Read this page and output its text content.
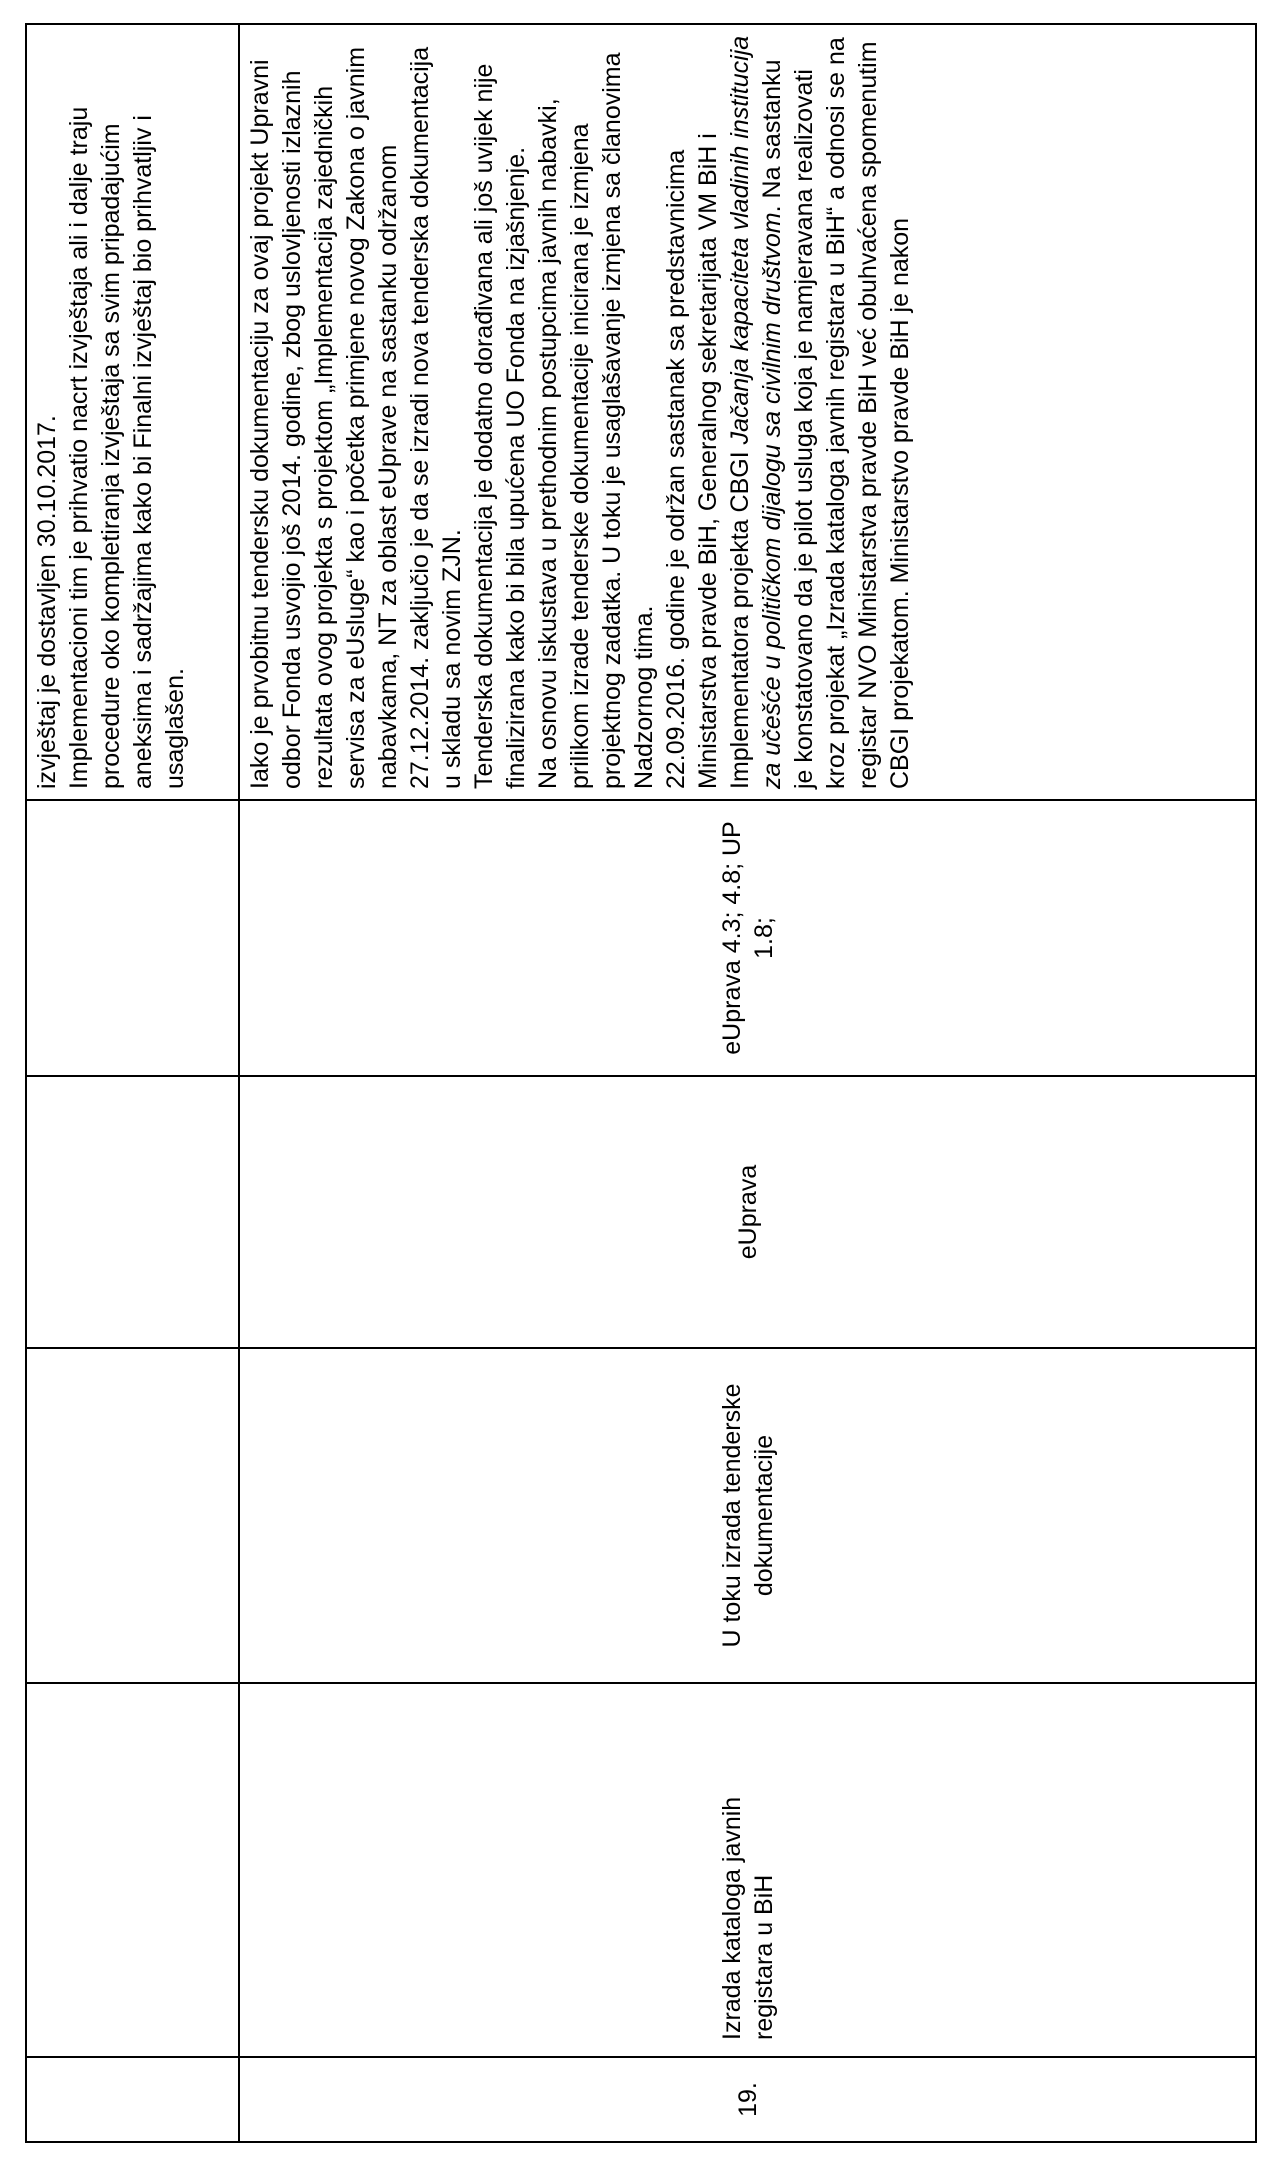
					izvještaj je dostavljen 30.10.2017. Implementacioni tim je prihvatio nacrt izvještaja ali i dalje traju procedure oko kompletiranja izvještaja sa svim pripadajućim aneksima i sadržajima kako bi Finalni izvještaj bio prihvatljiv i usaglašen.

19.	Izrada kataloga javnih registara u BiH	U toku izrada tenderske dokumentacije	eUprava	eUprava 4.3; 4.8; UP 1.8;	Iako je prvobitnu tendersku dokumentaciju za ovaj projekt Upravni odbor Fonda usvojio još 2014. godine, zbog uslovljenosti izlaznih rezultata ovog projekta s projektom „Implementacija zajedničkih servisa za eUsluge“ kao i početka primjene novog Zakona o javnim nabavkama, NT za oblast eUprave na sastanku održanom 27.12.2014. zaključio je da se izradi nova tenderska dokumentacija u skladu sa novim ZJN. Tenderska dokumentacija je dodatno dorađivana ali još uvijek nije finalizirana kako bi bila upućena UO Fonda na izjašnjenje. Na osnovu iskustava u prethodnim postupcima javnih nabavki, prilikom izrade tenderske dokumentacije inicirana je izmjena projektnog zadatka. U toku je usaglašavanje izmjena sa članovima Nadzornog tima. 22.09.2016. godine je održan sastanak sa predstavnicima Ministarstva pravde BiH, Generalnog sekretarijata VM BiH i Implementatora projekta CBGI Jačanja kapaciteta vladinih institucija za učešće u političkom dijalogu sa civilnim društvom. Na sastanku je konstatovano da je pilot usluga koja je namjeravana realizovati kroz projekat „Izrada kataloga javnih registara u BiH“ a odnosi se na registar NVO Ministarstva pravde BiH već obuhvaćena spomenutim CBGI projekatom. Ministarstvo pravde BiH je nakon
